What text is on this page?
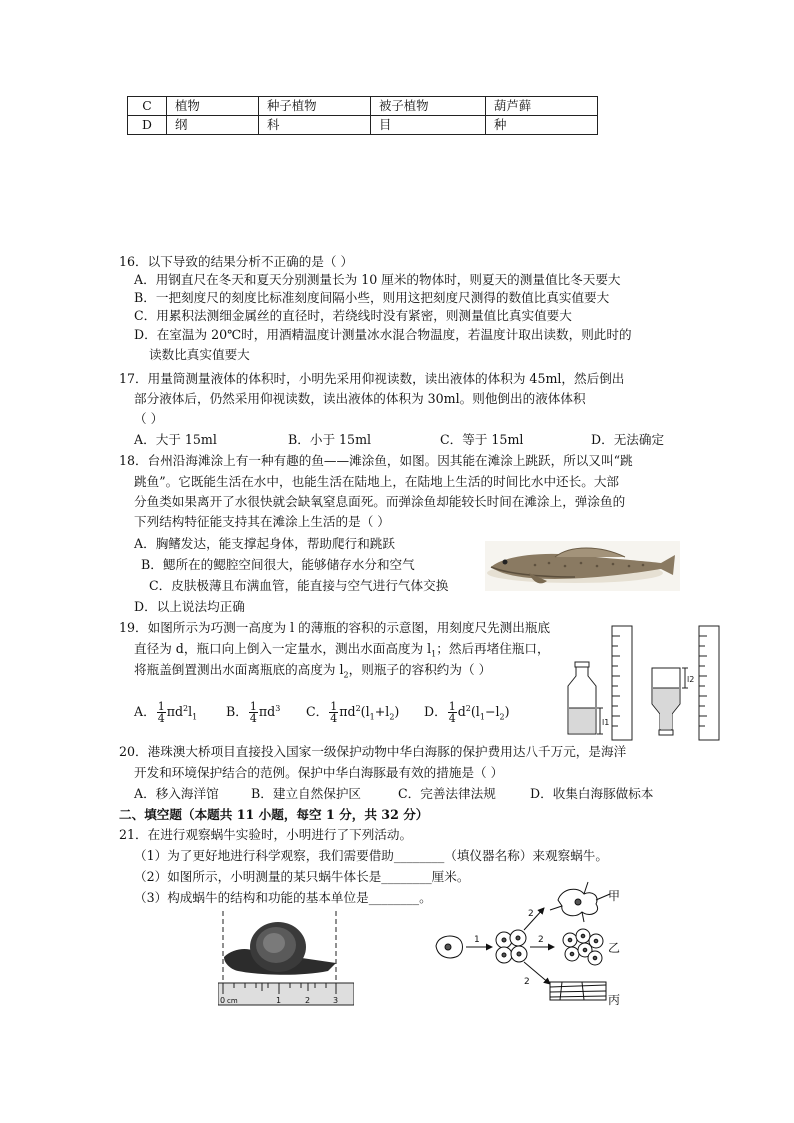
C	植物	种子植物	被子植物	葫芦藓
D	纲	科	目	种
16．以下导致的结果分析不正确的是（ ）
A．用钢直尺在冬天和夏天分别测量长为 10 厘米的物体时，则夏天的测量值比冬天要大
B．一把刻度尺的刻度比标准刻度间隔小些，则用这把刻度尺测得的数值比真实值要大
C．用累积法测细金属丝的直径时，若绕线时没有紧密，则测量值比真实值要大
D．在室温为 20℃时，用酒精温度计测量冰水混合物温度，若温度计取出读数，则此时的
读数比真实值要大
17．用量筒测量液体的体积时，小明先采用仰视读数，读出液体的体积为 45ml，然后倒出
部分液体后，仍然采用仰视读数，读出液体的体积为 30ml。则他倒出的液体体积
（ ）
A．大于 15ml	B．小于 15ml	C．等于 15ml	D．无法确定
18．台州沿海滩涂上有一种有趣的鱼——滩涂鱼，如图。因其能在滩涂上跳跃，所以又叫“跳
跳鱼”。它既能生活在水中，也能生活在陆地上，在陆地上生活的时间比水中还长。大部
分鱼类如果离开了水很快就会缺氧窒息面死。而弹涂鱼却能较长时间在滩涂上，弹涂鱼的
下列结构特征能支持其在滩涂上生活的是（ ）
A．胸鳍发达，能支撑起身体，帮助爬行和跳跃
B．鳃所在的鳃腔空间很大，能够储存水分和空气
C．皮肤极薄且布满血管，能直接与空气进行气体交换
D．以上说法均正确
19．如图所示为巧测一高度为 l 的薄瓶的容积的示意图，用刻度尺先测出瓶底
直径为 d，瓶口向上倒入一定量水，测出水面高度为 $l_1$；然后再堵住瓶口，
将瓶盖倒置测出水面离瓶底的高度为 $l_2$，则瓶子的容积约为（ ）
A． $\frac{1}{4} \pi d^2l_1$ B． $\frac{1}{4} \pi d^3$ C． $\frac{1}{4} \pi d^2(l_1+l_2)$ D． $\frac{1}{4} d^2(l_1-l_2)$
l1
l2
20．港珠澳大桥项目直接投入国家一级保护动物中华白海豚的保护费用达八千万元，是海洋
开发和环境保护结合的范例。保护中华白海豚最有效的措施是（ ）
A．移入海洋馆	B．建立自然保护区	C．完善法律法规	D．收集白海豚做标本
二、填空题（本题共 11 小题，每空 1 分，共 32 分）
21．在进行观察蜗牛实验时，小明进行了下列活动。
（1）为了更好地进行科学观察，我们需要借助________（填仪器名称）来观察蜗牛。
（2）如图所示，小明测量的某只蜗牛体长是________厘米。
（3）构成蜗牛的结构和功能的基本单位是________。
0 cm	1	2	3
1
2
2
2
甲
乙
丙
